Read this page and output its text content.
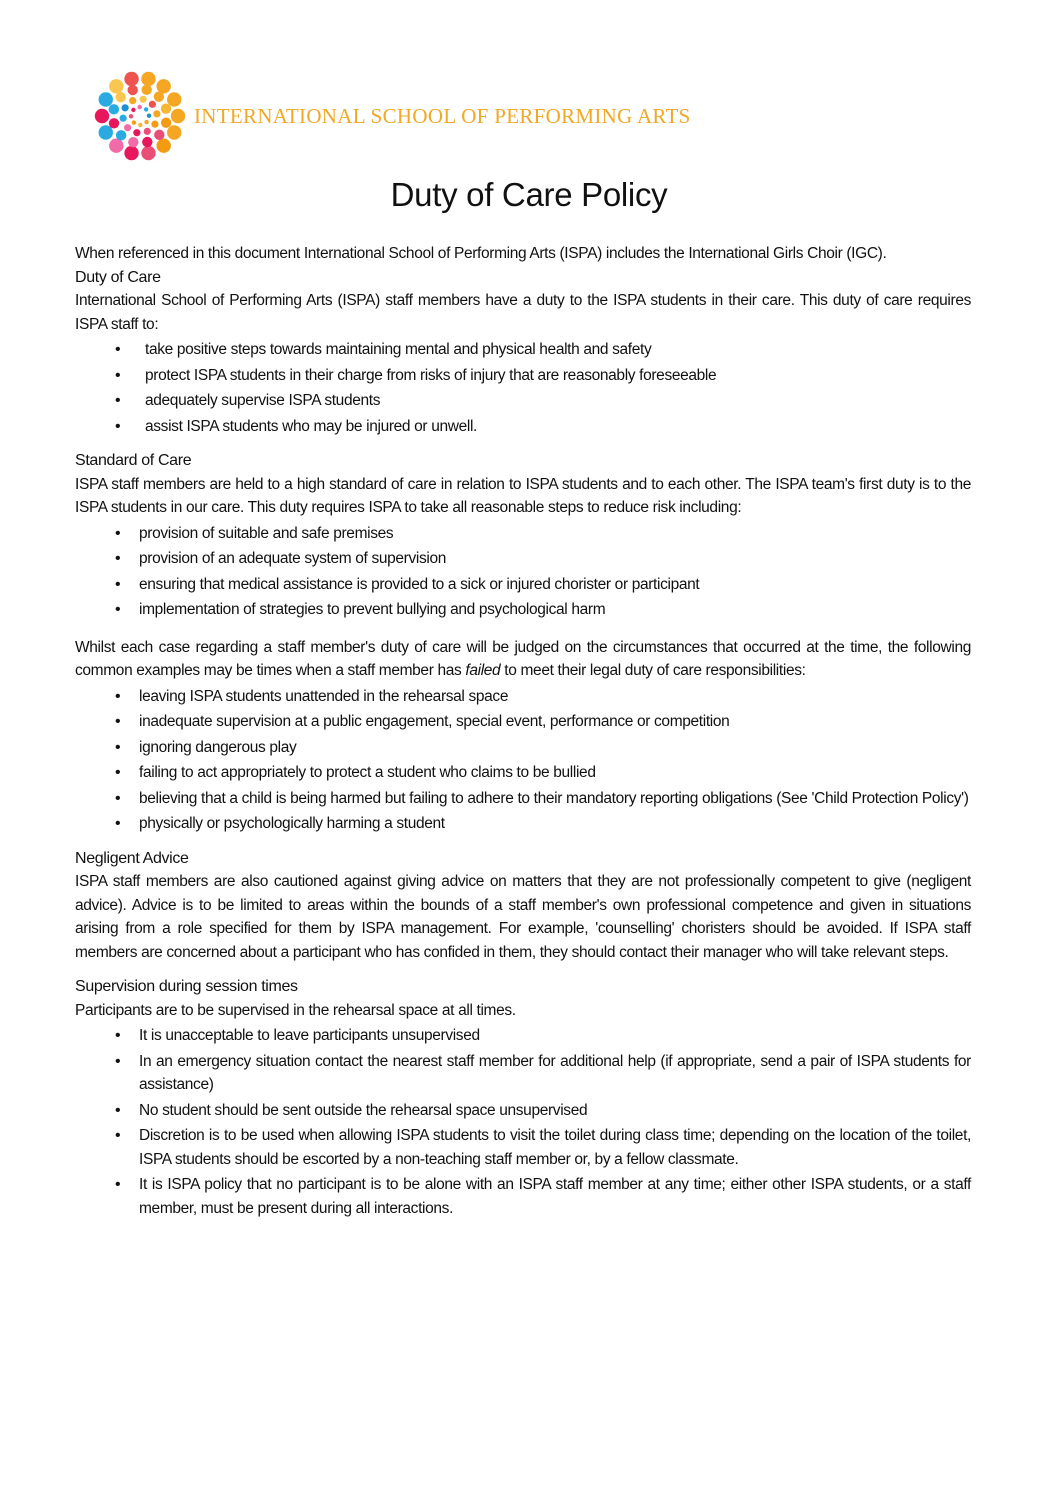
INTERNATIONAL SCHOOL OF PERFORMING ARTS
Duty of Care Policy

When referenced in this document International School of Performing Arts (ISPA) includes the International Girls Choir (IGC).

Duty of Care

International School of Performing Arts (ISPA) staff members have a duty to the ISPA students in their care. This duty of care requires ISPA staff to:

• take positive steps towards maintaining mental and physical health and safety
• protect ISPA students in their charge from risks of injury that are reasonably foreseeable
• adequately supervise ISPA students
• assist ISPA students who may be injured or unwell.
Standard of Care

ISPA staff members are held to a high standard of care in relation to ISPA students and to each other. The ISPA team's first duty is to the ISPA students in our care. This duty requires ISPA to take all reasonable steps to reduce risk including:

• provision of suitable and safe premises
• provision of an adequate system of supervision
• ensuring that medical assistance is provided to a sick or injured chorister or participant
• implementation of strategies to prevent bullying and psychological harm

Whilst each case regarding a staff member's duty of care will be judged on the circumstances that occurred at the time, the following common examples may be times when a staff member has failed to meet their legal duty of care responsibilities:

• leaving ISPA students unattended in the rehearsal space
• inadequate supervision at a public engagement, special event, performance or competition
• ignoring dangerous play
• failing to act appropriately to protect a student who claims to be bullied
• believing that a child is being harmed but failing to adhere to their mandatory reporting obligations (See 'Child Protection Policy')
• physically or psychologically harming a student
Negligent Advice

ISPA staff members are also cautioned against giving advice on matters that they are not professionally competent to give (negligent advice). Advice is to be limited to areas within the bounds of a staff member's own professional competence and given in situations arising from a role specified for them by ISPA management. For example, 'counselling' choristers should be avoided. If ISPA staff members are concerned about a participant who has confided in them, they should contact their manager who will take relevant steps.

Supervision during session times

Participants are to be supervised in the rehearsal space at all times.

• It is unacceptable to leave participants unsupervised
• In an emergency situation contact the nearest staff member for additional help (if appropriate, send a pair of ISPA students for assistance)
• No student should be sent outside the rehearsal space unsupervised
• Discretion is to be used when allowing ISPA students to visit the toilet during class time; depending on the location of the toilet, ISPA students should be escorted by a non-teaching staff member or, by a fellow classmate.
• It is ISPA policy that no participant is to be alone with an ISPA staff member at any time; either other ISPA students, or a staff member, must be present during all interactions.
